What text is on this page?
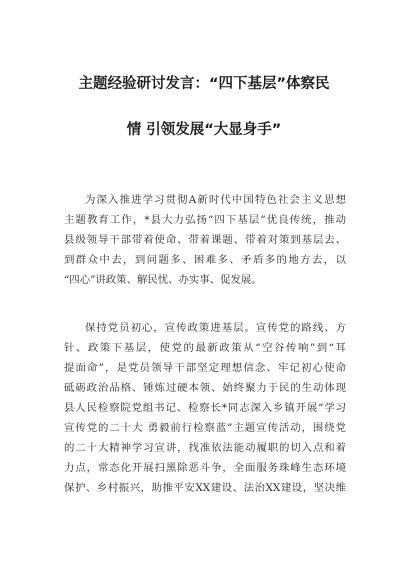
主题经验研讨发言：“四下基层”体察民
情 引领发展“大显身手”
为深入推进学习贯彻A新时代中国特色社会主义思想
主题教育工作，*县大力弘扬“四下基层”优良传统，推动
县级领导干部带着使命、带着课题、带着对策到基层去、
到群众中去，到问题多、困难多、矛盾多的地方去，以
“四心”讲政策、解民忧、办实事、促发展。
保持党员初心，宣传政策进基层。宣传党的路线、方
针、政策下基层，使党的最新政策从“空谷传响”到“耳
提面命”，是党员领导干部坚定理想信念、牢记初心使命
砥砺政治品格、锤炼过硬本领、始终聚力于民的生动体现
县人民检察院党组书记、检察长*同志深入乡镇开展“学习
宣传党的二十大 勇毅前行检察蓝”主题宣传活动，围绕党
的二十大精神学习宣讲，找准依法能动履职的切入点和着
力点，常态化开展扫黑除恶斗争，全面服务珠峰生态环境
保护、乡村振兴，助推平安XX建设、法治XX建设，坚决维
